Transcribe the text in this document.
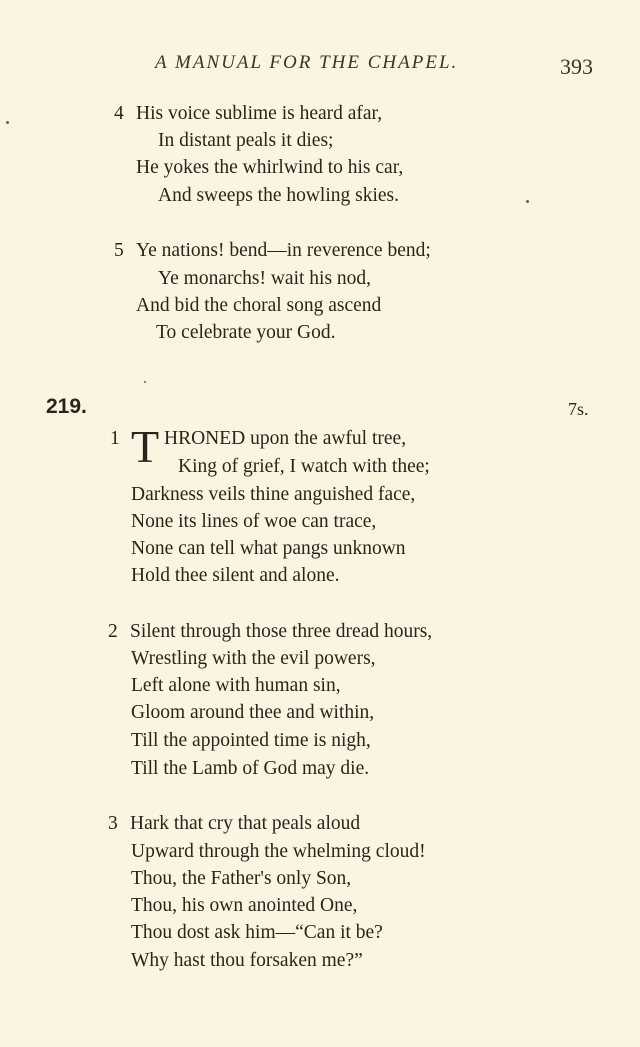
A MANUAL FOR THE CHAPEL.	393
4 His voice sublime is heard afar,
In distant peals it dies;
He yokes the whirlwind to his car,
And sweeps the howling skies.
5 Ye nations! bend—in reverence bend;
Ye monarchs! wait his nod,
And bid the choral song ascend
To celebrate your God.
219.	7s.
1 T HRONED upon the awful tree,
King of grief, I watch with thee;
Darkness veils thine anguished face,
None its lines of woe can trace,
None can tell what pangs unknown
Hold thee silent and alone.
2 Silent through those three dread hours,
Wrestling with the evil powers,
Left alone with human sin,
Gloom around thee and within,
Till the appointed time is nigh,
Till the Lamb of God may die.
3 Hark that cry that peals aloud
Upward through the whelming cloud!
Thou, the Father's only Son,
Thou, his own anointed One,
Thou dost ask him—“Can it be?
Why hast thou forsaken me?”
